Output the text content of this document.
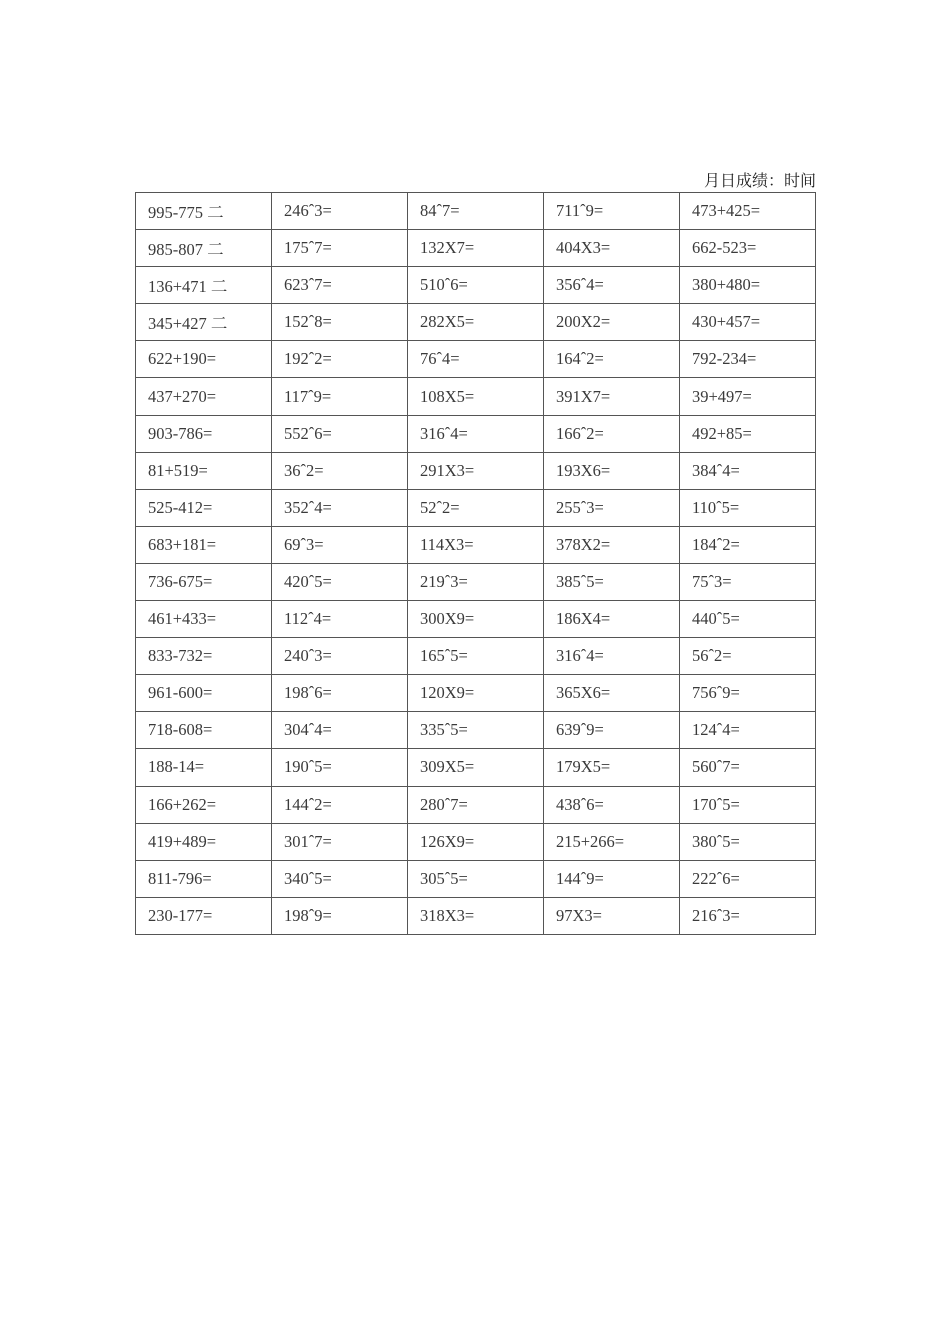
月日成绩：时间
995-775 二	246ˆ3=	84ˆ7=	711ˆ9=	473+425=
985-807 二	175ˆ7=	132X7=	404X3=	662-523=
136+471 二	623ˆ7=	510ˆ6=	356ˆ4=	380+480=
345+427 二	152ˆ8=	282X5=	200X2=	430+457=
622+190=	192ˆ2=	76ˆ4=	164ˆ2=	792-234=
437+270=	117ˆ9=	108X5=	391X7=	39+497=
903-786=	552ˆ6=	316ˆ4=	166ˆ2=	492+85=
81+519=	36ˆ2=	291X3=	193X6=	384ˆ4=
525-412=	352ˆ4=	52ˆ2=	255ˆ3=	110ˆ5=
683+181=	69ˆ3=	114X3=	378X2=	184ˆ2=
736-675=	420ˆ5=	219ˆ3=	385ˆ5=	75ˆ3=
461+433=	112ˆ4=	300X9=	186X4=	440ˆ5=
833-732=	240ˆ3=	165ˆ5=	316ˆ4=	56ˆ2=
961-600=	198ˆ6=	120X9=	365X6=	756ˆ9=
718-608=	304ˆ4=	335ˆ5=	639ˆ9=	124ˆ4=
188-14=	190ˆ5=	309X5=	179X5=	560ˆ7=
166+262=	144ˆ2=	280ˆ7=	438ˆ6=	170ˆ5=
419+489=	301ˆ7=	126X9=	215+266=	380ˆ5=
811-796=	340ˆ5=	305ˆ5=	144ˆ9=	222ˆ6=
230-177=	198ˆ9=	318X3=	97X3=	216ˆ3=
